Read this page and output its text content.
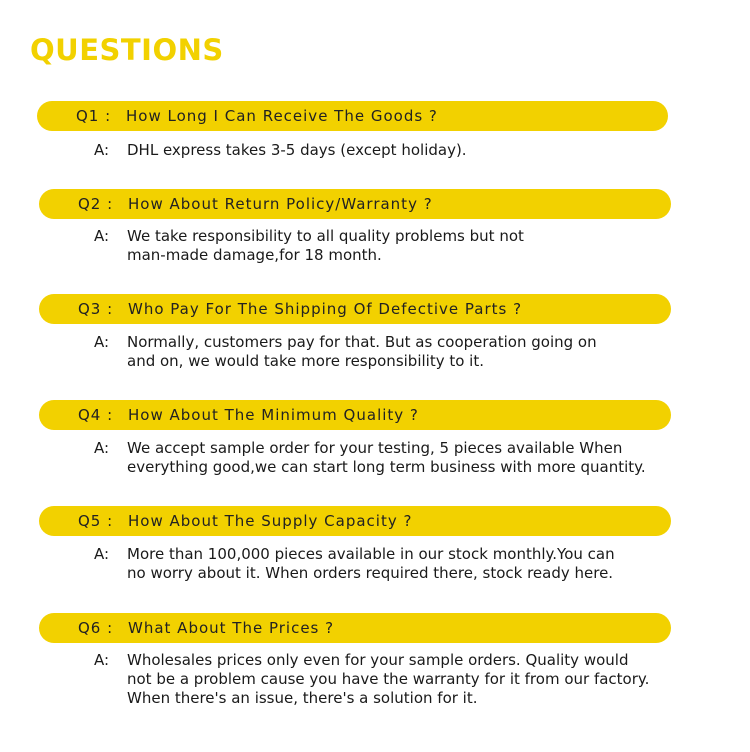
QUESTIONS
Q1 : How Long I Can Receive The Goods ?
A: DHL express takes 3-5 days (except holiday).
Q2 : How About Return Policy/Warranty ?
A: We take responsibility to all quality problems but not
man-made damage,for 18 month.
Q3 : Who Pay For The Shipping Of Defective Parts ?
A: Normally, customers pay for that. But as cooperation going on
and on, we would take more responsibility to it.
Q4 : How About The Minimum Quality ?
A: We accept sample order for your testing, 5 pieces available When
everything good,we can start long term business with more quantity.
Q5 : How About The Supply Capacity ?
A: More than 100,000 pieces available in our stock monthly.You can
no worry about it. When orders required there, stock ready here.
Q6 : What About The Prices ?
A: Wholesales prices only even for your sample orders. Quality would
not be a problem cause you have the warranty for it from our factory.
When there's an issue, there's a solution for it.
